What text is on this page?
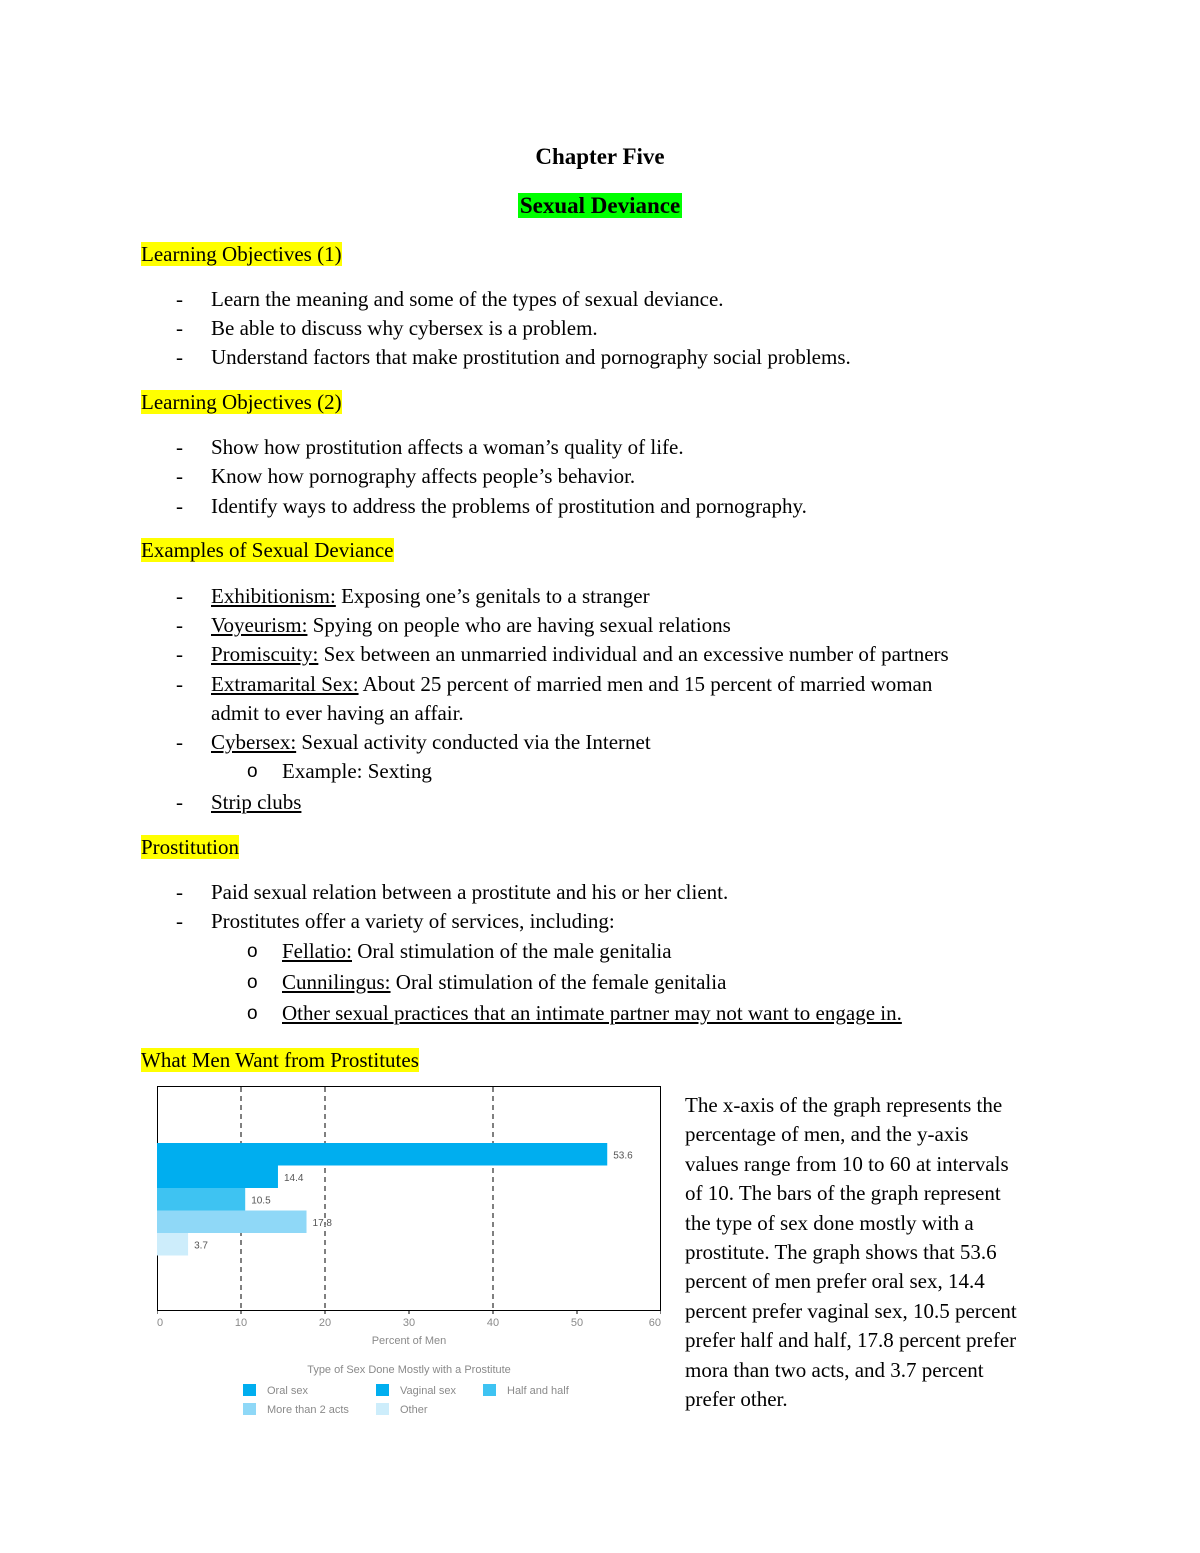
Chapter Five
Sexual Deviance
Learning Objectives (1)
- Learn the meaning and some of the types of sexual deviance.
- Be able to discuss why cybersex is a problem.
- Understand factors that make prostitution and pornography social problems.
Learning Objectives (2)
- Show how prostitution affects a woman’s quality of life.
- Know how pornography affects people’s behavior.
- Identify ways to address the problems of prostitution and pornography.
Examples of Sexual Deviance
- Exhibitionism: Exposing one’s genitals to a stranger
- Voyeurism: Spying on people who are having sexual relations
- Promiscuity: Sex between an unmarried individual and an excessive number of partners
- Extramarital Sex: About 25 percent of married men and 15 percent of married woman
admit to ever having an affair.
- Cybersex: Sexual activity conducted via the Internet
o Example: Sexting
- Strip clubs
Prostitution
- Paid sexual relation between a prostitute and his or her client.
- Prostitutes offer a variety of services, including:
o Fellatio: Oral stimulation of the male genitalia
o Cunnilingus: Oral stimulation of the female genitalia
o Other sexual practices that an intimate partner may not want to engage in.
What Men Want from Prostitutes
53.6
14.4
10.5
17.8
3.7
0	10	20	30	40	50	60
Percent of Men
Type of Sex Done Mostly with a Prostitute
Oral sex	Vaginal sex	Half and half
More than 2 acts	Other
The x-axis of the graph represents the
percentage of men, and the y-axis
values range from 10 to 60 at intervals
of 10. The bars of the graph represent
the type of sex done mostly with a
prostitute. The graph shows that 53.6
percent of men prefer oral sex, 14.4
percent prefer vaginal sex, 10.5 percent
prefer half and half, 17.8 percent prefer
mora than two acts, and 3.7 percent
prefer other.
